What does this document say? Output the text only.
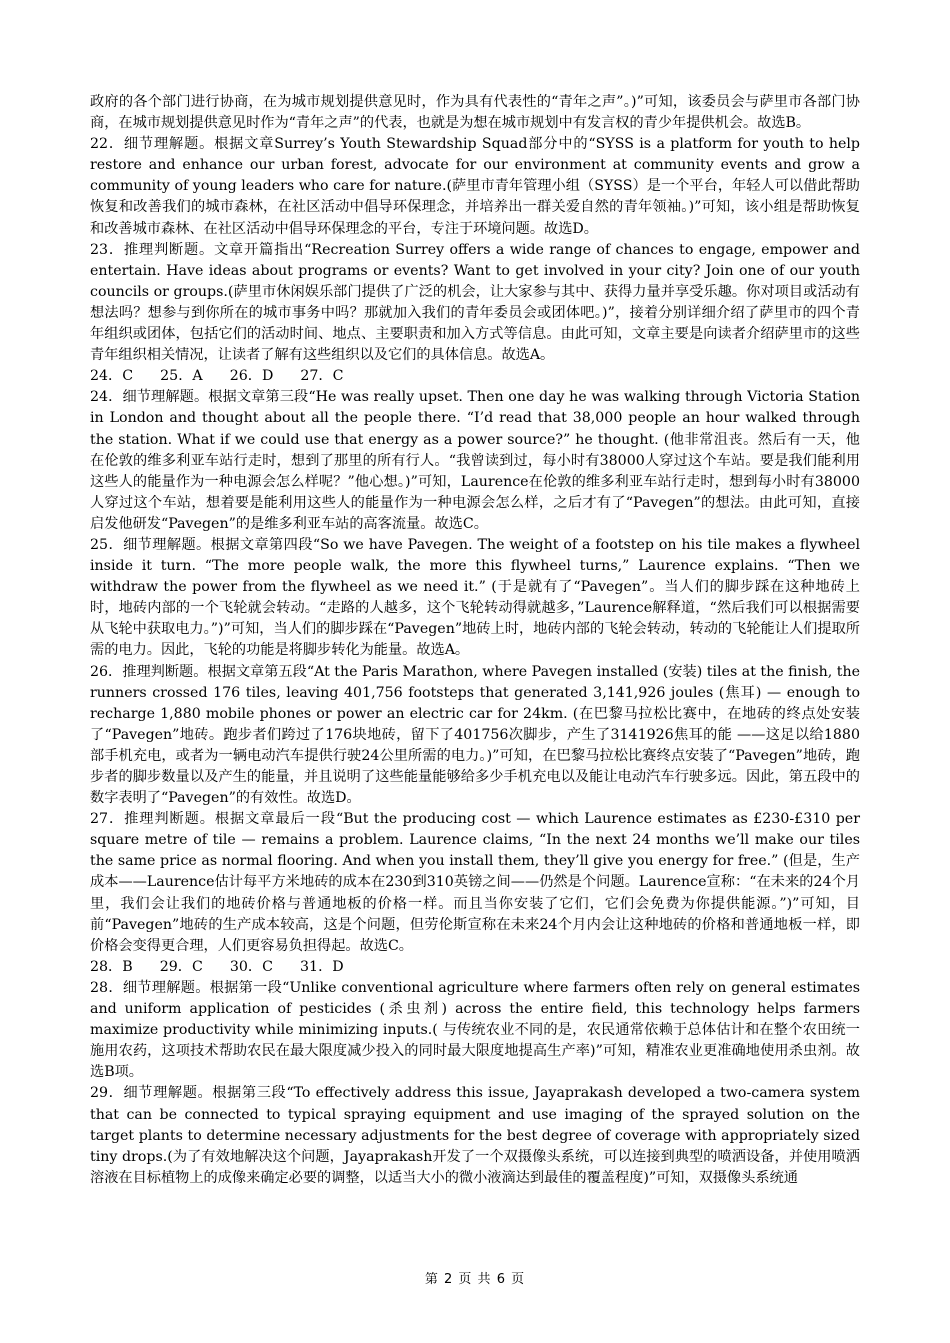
政府的各个部门进行协商，在为城市规划提供意见时，作为具有代表性的“青年之声”。)”可知，该委员会与萨里市各部门协商，在城市规划提供意见时作为“青年之声”的代表，也就是为想在城市规划中有发言权的青少年提供机会。故选B。

22．细节理解题。根据文章Surrey’s Youth Stewardship Squad部分中的“SYSS is a platform for youth to help restore and enhance our urban forest, advocate for our environment at community events and grow a community of young leaders who care for nature.(萨里市青年管理小组（SYSS）是一个平台，年轻人可以借此帮助恢复和改善我们的城市森林，在社区活动中倡导环保理念，并培养出一群关爱自然的青年领袖。)”可知，该小组是帮助恢复和改善城市森林、在社区活动中倡导环保理念的平台，专注于环境问题。故选D。

23．推理判断题。文章开篇指出“Recreation Surrey offers a wide range of chances to engage, empower and entertain. Have ideas about programs or events? Want to get involved in your city? Join one of our youth councils or groups.(萨里市休闲娱乐部门提供了广泛的机会，让大家参与其中、获得力量并享受乐趣。你对项目或活动有想法吗？想参与到你所在的城市事务中吗？那就加入我们的青年委员会或团体吧。)”，接着分别详细介绍了萨里市的四个青年组织或团体，包括它们的活动时间、地点、主要职责和加入方式等信息。由此可知，文章主要是向读者介绍萨里市的这些青年组织相关情况，让读者了解有这些组织以及它们的具体信息。故选A。

24．C      25．A      26．D      27．C

24．细节理解题。根据文章第三段“He was really upset. Then one day he was walking through Victoria Station in London and thought about all the people there. “I’d read that 38,000 people an hour walked through the station. What if we could use that energy as a power source?” he thought. (他非常沮丧。然后有一天，他在伦敦的维多利亚车站行走时，想到了那里的所有行人。“我曾读到过，每小时有38000人穿过这个车站。要是我们能利用这些人的能量作为一种电源会怎么样呢？”他心想。)”可知，Laurence在伦敦的维多利亚车站行走时，想到每小时有38000人穿过这个车站，想着要是能利用这些人的能量作为一种电源会怎么样，之后才有了“Pavegen”的想法。由此可知，直接启发他研发“Pavegen”的是维多利亚车站的高客流量。故选C。

25．细节理解题。根据文章第四段“So we have Pavegen. The weight of a footstep on his tile makes a flywheel inside it turn. “The more people walk, the more this flywheel turns,” Laurence explains. “Then we withdraw the power from the flywheel as we need it.” (于是就有了“Pavegen”。当人们的脚步踩在这种地砖上时，地砖内部的一个飞轮就会转动。“走路的人越多，这个飞轮转动得就越多，”Laurence解释道，“然后我们可以根据需要从飞轮中获取电力。”)”可知，当人们的脚步踩在“Pavegen”地砖上时，地砖内部的飞轮会转动，转动的飞轮能让人们提取所需的电力。因此，飞轮的功能是将脚步转化为能量。故选A。

26．推理判断题。根据文章第五段“At the Paris Marathon, where Pavegen installed (安装) tiles at the finish, the runners crossed 176 tiles, leaving 401,756 footsteps that generated 3,141,926 joules (焦耳) — enough to recharge 1,880 mobile phones or power an electric car for 24km. (在巴黎马拉松比赛中，在地砖的终点处安装了“Pavegen”地砖。跑步者们跨过了176块地砖，留下了401756次脚步，产生了3141926焦耳的能 ——这足以给1880部手机充电，或者为一辆电动汽车提供行驶24公里所需的电力。)”可知，在巴黎马拉松比赛终点安装了“Pavegen”地砖，跑步者的脚步数量以及产生的能量，并且说明了这些能量能够给多少手机充电以及能让电动汽车行驶多远。因此，第五段中的数字表明了“Pavegen”的有效性。故选D。

27．推理判断题。根据文章最后一段“But the producing cost — which Laurence estimates as £230-£310 per square metre of tile — remains a problem. Laurence claims, “In the next 24 months we’ll make our tiles the same price as normal flooring. And when you install them, they’ll give you energy for free.” (但是，生产成本——Laurence估计每平方米地砖的成本在230到310英镑之间——仍然是个问题。Laurence宣称：“在未来的24个月里，我们会让我们的地砖价格与普通地板的价格一样。而且当你安装了它们，它们会免费为你提供能源。”)”可知，目前“Pavegen”地砖的生产成本较高，这是个问题，但劳伦斯宣称在未来24个月内会让这种地砖的价格和普通地板一样，即价格会变得更合理，人们更容易负担得起。故选C。

28．B      29．C      30．C      31．D

28．细节理解题。根据第一段“Unlike conventional agriculture where farmers often rely on general estimates and uniform application of pesticides (杀虫剂) across the entire field, this technology helps farmers maximize productivity while minimizing inputs.( 与传统农业不同的是，农民通常依赖于总体估计和在整个农田统一施用农药，这项技术帮助农民在最大限度减少投入的同时最大限度地提高生产率)”可知，精准农业更准确地使用杀虫剂。故选B项。

29．细节理解题。根据第三段“To effectively address this issue, Jayaprakash developed a two-camera system that can be connected to typical spraying equipment and use imaging of the sprayed solution on the target plants to determine necessary adjustments for the best degree of coverage with appropriately sized tiny drops.(为了有效地解决这个问题，Jayaprakash开发了一个双摄像头系统，可以连接到典型的喷洒设备，并使用喷洒溶液在目标植物上的成像来确定必要的调整，以适当大小的微小液滴达到最佳的覆盖程度)”可知，双摄像头系统通

第 2 页 共 6 页
